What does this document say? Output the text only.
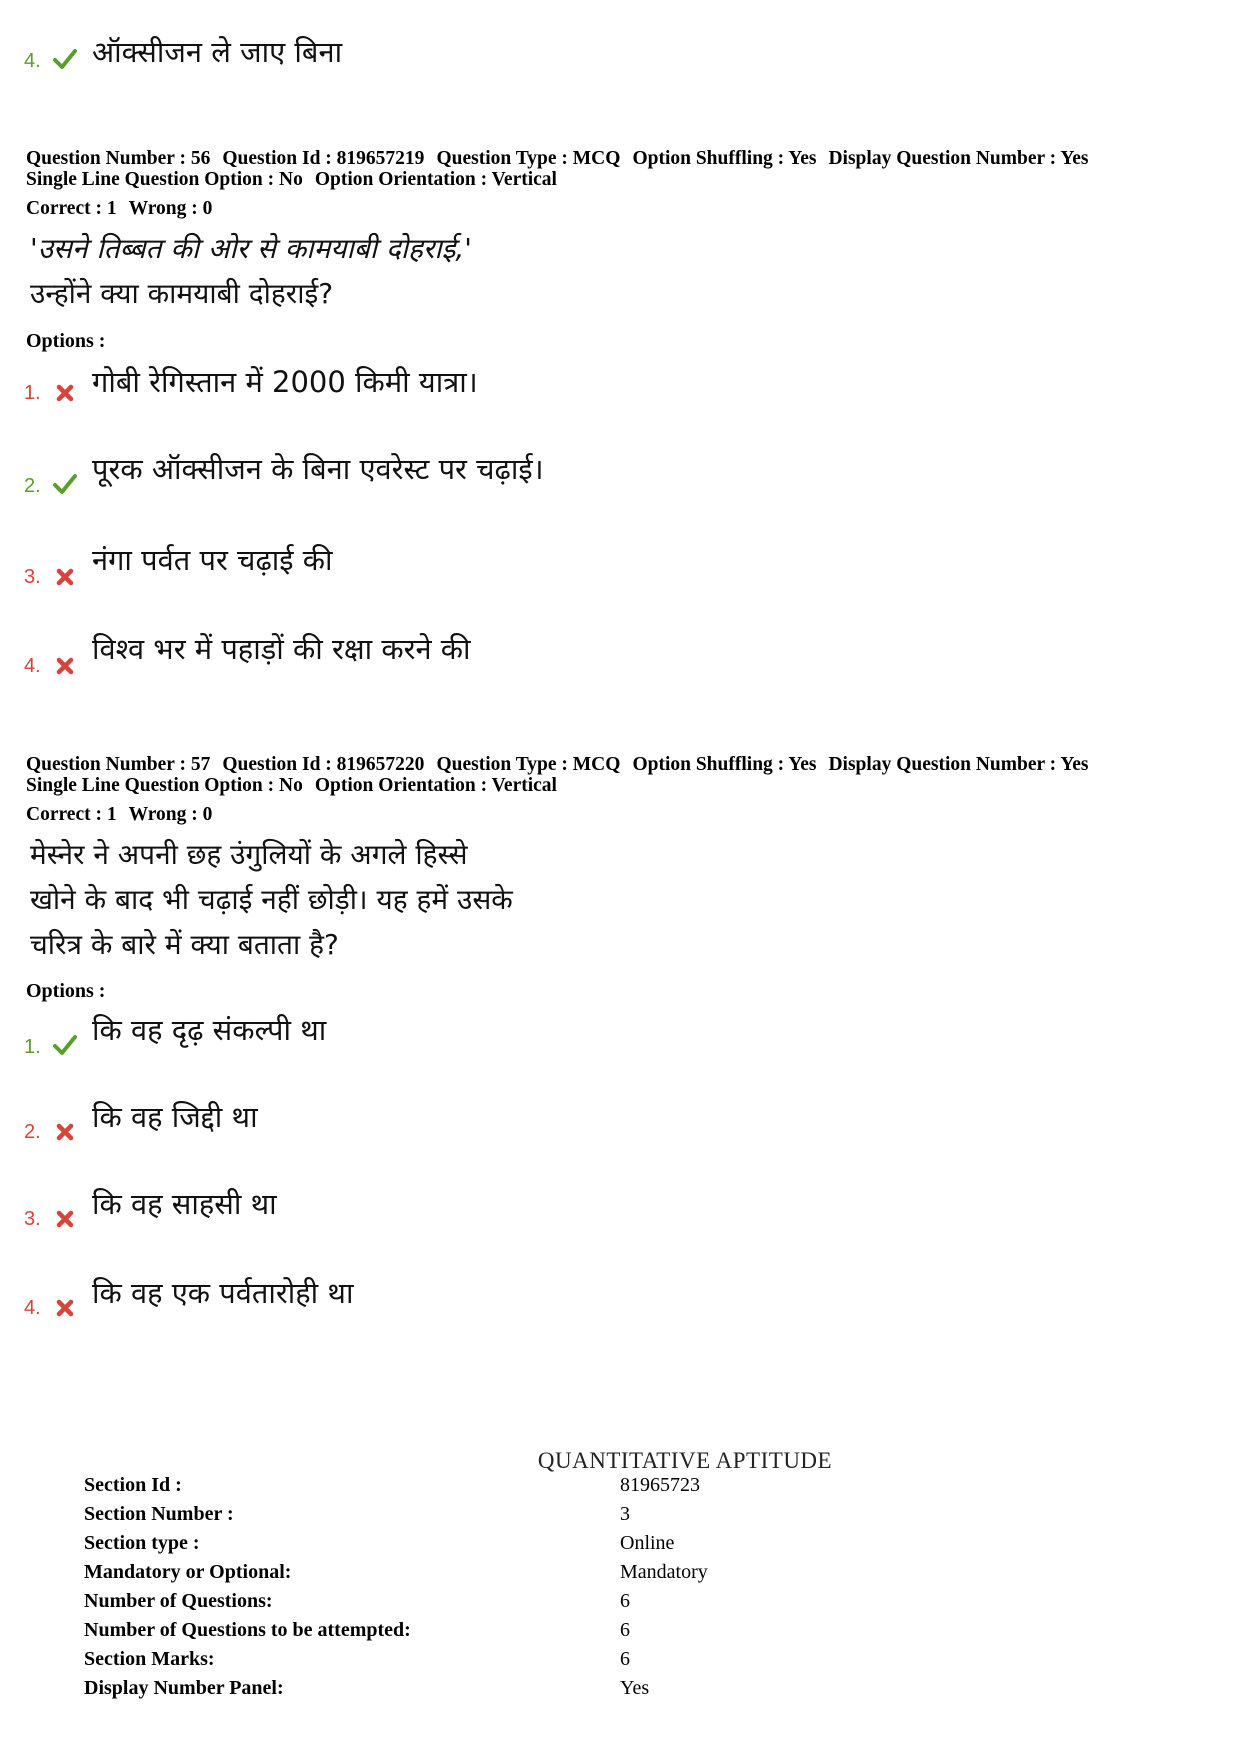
4. ऑक्सीजन ले जाए बिना
Question Number : 56 Question Id : 819657219 Question Type : MCQ Option Shuffling : Yes Display Question Number : Yes
Single Line Question Option : No Option Orientation : Vertical
Correct : 1 Wrong : 0
'उसने तिब्बत की ओर से कामयाबी दोहराई,'
उन्होंने क्या कामयाबी दोहराई?
Options :
1. गोबी रेगिस्तान में 2000 किमी यात्रा।
2. पूरक ऑक्सीजन के बिना एवरेस्ट पर चढ़ाई।
3. नंगा पर्वत पर चढ़ाई की
4. विश्व भर में पहाड़ों की रक्षा करने की
Question Number : 57 Question Id : 819657220 Question Type : MCQ Option Shuffling : Yes Display Question Number : Yes
Single Line Question Option : No Option Orientation : Vertical
Correct : 1 Wrong : 0
मेस्नेर ने अपनी छह उंगुलियों के अगले हिस्से
खोने के बाद भी चढ़ाई नहीं छोड़ी। यह हमें उसके
चरित्र के बारे में क्या बताता है?
Options :
1. कि वह दृढ़ संकल्पी था
2. कि वह जिद्दी था
3. कि वह साहसी था
4. कि वह एक पर्वतारोही था
QUANTITATIVE APTITUDE
Section Id :	81965723
Section Number :	3
Section type :	Online
Mandatory or Optional:	Mandatory
Number of Questions:	6
Number of Questions to be attempted:	6
Section Marks:	6
Display Number Panel:	Yes
